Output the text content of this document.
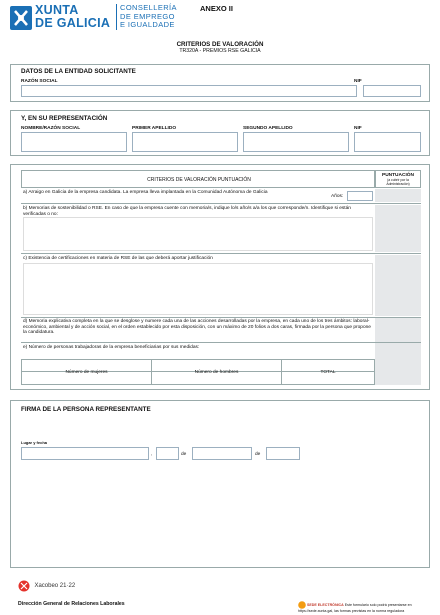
XUNTA
DE GALICIA
CONSELLERÍA
DE EMPREGO
E IGUALDADE
ANEXO II
CRITERIOS DE VALORACIÓN
TR320A - PREMIOS RSE GALICIA
DATOS DE LA ENTIDAD SOLICITANTE
RAZÓN SOCIAL	NIF
Y, EN SU REPRESENTACIÓN
NOMBRE/RAZÓN SOCIAL	PRIMER APELLIDO	SEGUNDO APELLIDO	NIF
CRITERIOS DE VALORACIÓN PUNTUACIÓN
PUNTUACIÓN
(a cubrir por la Administración)
a) Arraigo en Galicia de la empresa candidata. La empresa lleva implantada en la Comunidad Autónoma de Galicia
Años:
b) Memorias de sostenibilidad o RSE. En caso de que la empresa cuente con memoria/s, indique lo/s año/s a/a los que corresponde/n. Identifique si están verificadas o no:
c) Existencia de certificaciones en materia de RSE de las que deberá aportar justificación
d) Memoria explicativa completa en la que se desglose y numere cada una de las acciones desarrolladas por la empresa, en cada uno de los tres ámbitos: laboral-económico, ambiental y de acción social, en el orden establecido por esta disposición, con un máximo de 20 folios a dos caras, firmada por la persona que propone la candidatura.
e) Número de personas trabajadoras de la empresa beneficiarias por sus medidas:
Número de mujeres	Número de hombres	TOTAL
FIRMA DE LA PERSONA REPRESENTANTE
Lugar y fecha
,	de	de
Xacobeo 21·22
Dirección General de Relaciones Laborales	SEDE ELECTRÓNICA Este formulario solo podrá presentarse en https://sede.xunta.gal, las formas previstas en la norma reguladora
